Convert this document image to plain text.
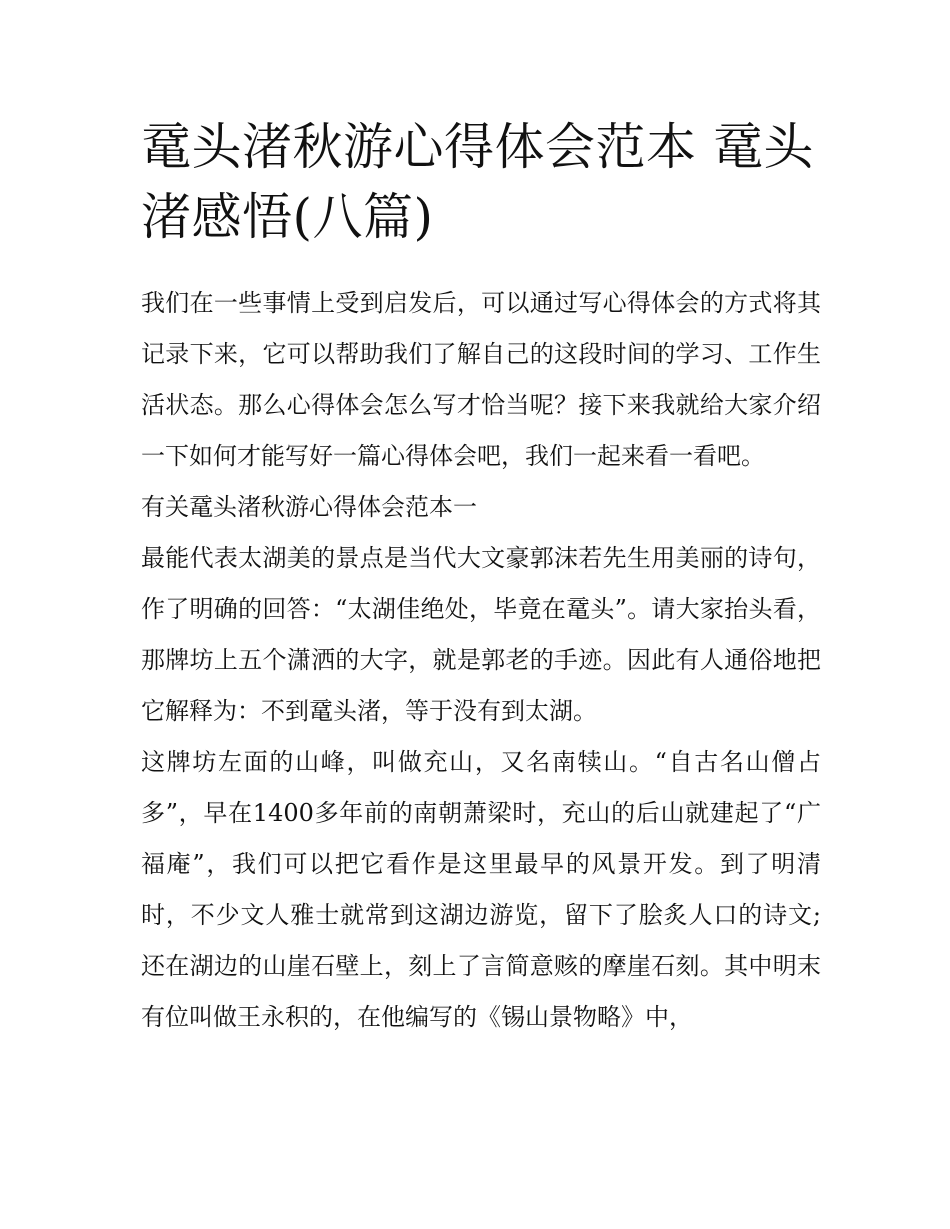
鼋头渚秋游心得体会范本 鼋头渚感悟(八篇)

我们在一些事情上受到启发后，可以通过写心得体会的方式将其记录下来，它可以帮助我们了解自己的这段时间的学习、工作生活状态。那么心得体会怎么写才恰当呢？接下来我就给大家介绍一下如何才能写好一篇心得体会吧，我们一起来看一看吧。

有关鼋头渚秋游心得体会范本一

最能代表太湖美的景点是当代大文豪郭沫若先生用美丽的诗句，作了明确的回答：“太湖佳绝处，毕竟在鼋头”。请大家抬头看，那牌坊上五个潇洒的大字，就是郭老的手迹。因此有人通俗地把它解释为：不到鼋头渚，等于没有到太湖。

这牌坊左面的山峰，叫做充山，又名南犊山。“自古名山僧占多”，早在1400多年前的南朝萧梁时，充山的后山就建起了“广福庵”，我们可以把它看作是这里最早的风景开发。到了明清时，不少文人雅士就常到这湖边游览，留下了脍炙人口的诗文;还在湖边的山崖石壁上，刻上了言简意赅的摩崖石刻。其中明末有位叫做王永积的，在他编写的《锡山景物略》中，
